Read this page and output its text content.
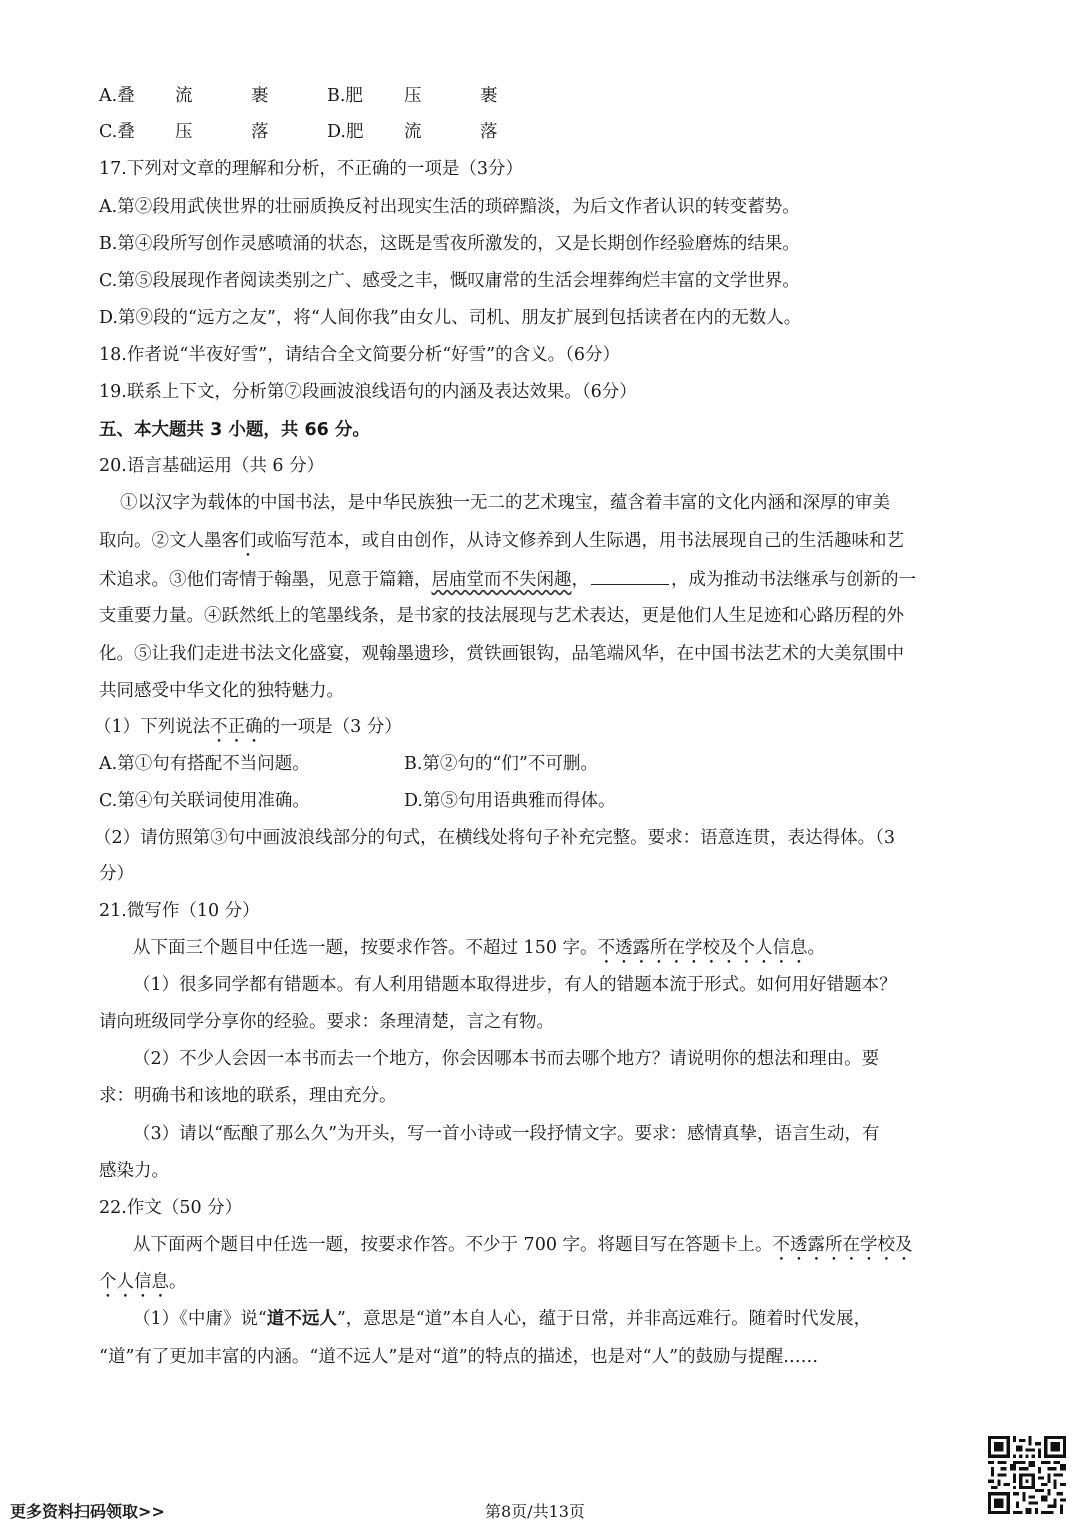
A.叠 流	裹	B.肥 压	裹
C.叠 压	落	D.肥 流	落
17.下列对文章的理解和分析，不正确的一项是（3分）
A.第②段用武侠世界的壮丽质换反衬出现实生活的琐碎黯淡，为后文作者认识的转变蓄势。
B.第④段所写创作灵感喷涌的状态，这既是雪夜所激发的，又是长期创作经验磨炼的结果。
C.第⑤段展现作者阅读类别之广、感受之丰，慨叹庸常的生活会埋葬绚烂丰富的文学世界。
D.第⑨段的“远方之友”，将“人间你我”由女儿、司机、朋友扩展到包括读者在内的无数人。
18.作者说“半夜好雪”，请结合全文简要分析“好雪”的含义。（6分）
19.联系上下文，分析第⑦段画波浪线语句的内涵及表达效果。（6分）
五、本大题共 3 小题，共 66 分。
20.语言基础运用（共 6 分）
①以汉字为载体的中国书法，是中华民族独一无二的艺术瑰宝，蕴含着丰富的文化内涵和深厚的审美
取向。②文人墨客们或临写范本，或自由创作，从诗文修养到人生际遇，用书法展现自己的生活趣味和艺
术追求。③他们寄情于翰墨，见意于篇籍，居庙堂而不失闲趣，	，成为推动书法继承与创新的一
支重要力量。④跃然纸上的笔墨线条，是书家的技法展现与艺术表达，更是他们人生足迹和心路历程的外
化。⑤让我们走进书法文化盛宴，观翰墨遗珍，赏铁画银钩，品笔端风华，在中国书法艺术的大美氛围中
共同感受中华文化的独特魅力。
（1）下列说法不正确的一项是（3 分）
A.第①句有搭配不当问题。	B.第②句的“们”不可删。
C.第④句关联词使用准确。	D.第⑤句用语典雅而得体。
（2）请仿照第③句中画波浪线部分的句式，在横线处将句子补充完整。要求：语意连贯，表达得体。（3
分）
21.微写作（10 分）
从下面三个题目中任选一题，按要求作答。不超过 150 字。不透露所在学校及个人信息。
（1）很多同学都有错题本。有人利用错题本取得进步，有人的错题本流于形式。如何用好错题本？
请向班级同学分享你的经验。要求：条理清楚，言之有物。
（2）不少人会因一本书而去一个地方，你会因哪本书而去哪个地方？请说明你的想法和理由。要
求：明确书和该地的联系，理由充分。
（3）请以“酝酿了那么久”为开头，写一首小诗或一段抒情文字。要求：感情真挚，语言生动，有
感染力。
22.作文（50 分）
从下面两个题目中任选一题，按要求作答。不少于 700 字。将题目写在答题卡上。不透露所在学校及
个人信息。
（1）《中庸》说“道不远人”，意思是“道”本自人心，蕴于日常，并非高远难行。随着时代发展，
“道”有了更加丰富的内涵。“道不远人”是对“道”的特点的描述，也是对“人”的鼓励与提醒……
更多资料扫码领取>>	第8页/共13页
